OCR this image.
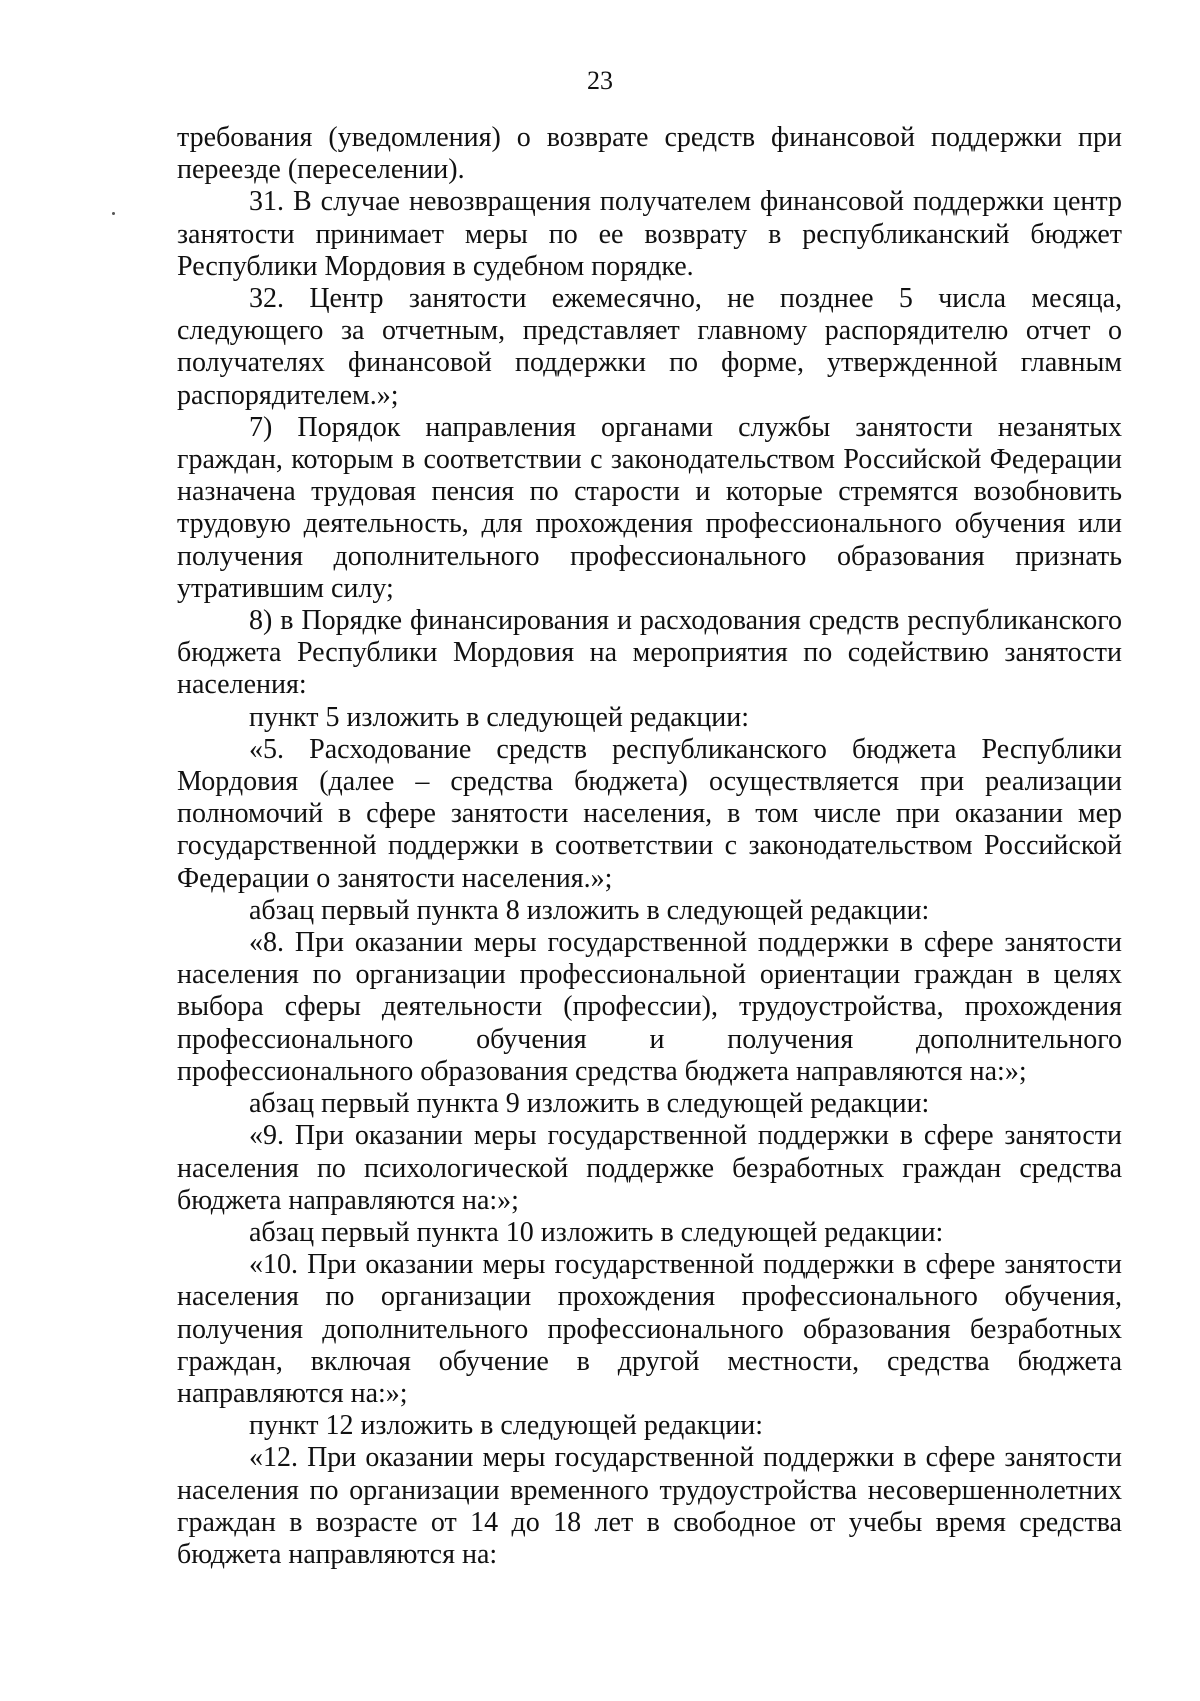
23

требования (уведомления) о возврате средств финансовой поддержки при переезде (переселении).

31. В случае невозвращения получателем финансовой поддержки центр занятости принимает меры по ее возврату в республиканский бюджет Республики Мордовия в судебном порядке.

32. Центр занятости ежемесячно, не позднее 5 числа месяца, следующего за отчетным, представляет главному распорядителю отчет о получателях финансовой поддержки по форме, утвержденной главным распорядителем.»;

7) Порядок направления органами службы занятости незанятых граждан, которым в соответствии с законодательством Российской Федерации назначена трудовая пенсия по старости и которые стремятся возобновить трудовую деятельность, для прохождения профессионального обучения или получения дополнительного профессионального образования признать утратившим силу;

8) в Порядке финансирования и расходования средств республиканского бюджета Республики Мордовия на мероприятия по содействию занятости населения:

пункт 5 изложить в следующей редакции:

«5. Расходование средств республиканского бюджета Республики Мордовия (далее – средства бюджета) осуществляется при реализации полномочий в сфере занятости населения, в том числе при оказании мер государственной поддержки в соответствии с законодательством Российской Федерации о занятости населения.»;

абзац первый пункта 8 изложить в следующей редакции:

«8. При оказании меры государственной поддержки в сфере занятости населения по организации профессиональной ориентации граждан в целях выбора сферы деятельности (профессии), трудоустройства, прохождения профессионального обучения и получения дополнительного профессионального образования средства бюджета направляются на:»;

абзац первый пункта 9 изложить в следующей редакции:

«9. При оказании меры государственной поддержки в сфере занятости населения по психологической поддержке безработных граждан средства бюджета направляются на:»;

абзац первый пункта 10 изложить в следующей редакции:

«10. При оказании меры государственной поддержки в сфере занятости населения по организации прохождения профессионального обучения, получения дополнительного профессионального образования безработных граждан, включая обучение в другой местности, средства бюджета направляются на:»;

пункт 12 изложить в следующей редакции:

«12. При оказании меры государственной поддержки в сфере занятости населения по организации временного трудоустройства несовершеннолетних граждан в возрасте от 14 до 18 лет в свободное от учебы время средства бюджета направляются на:
